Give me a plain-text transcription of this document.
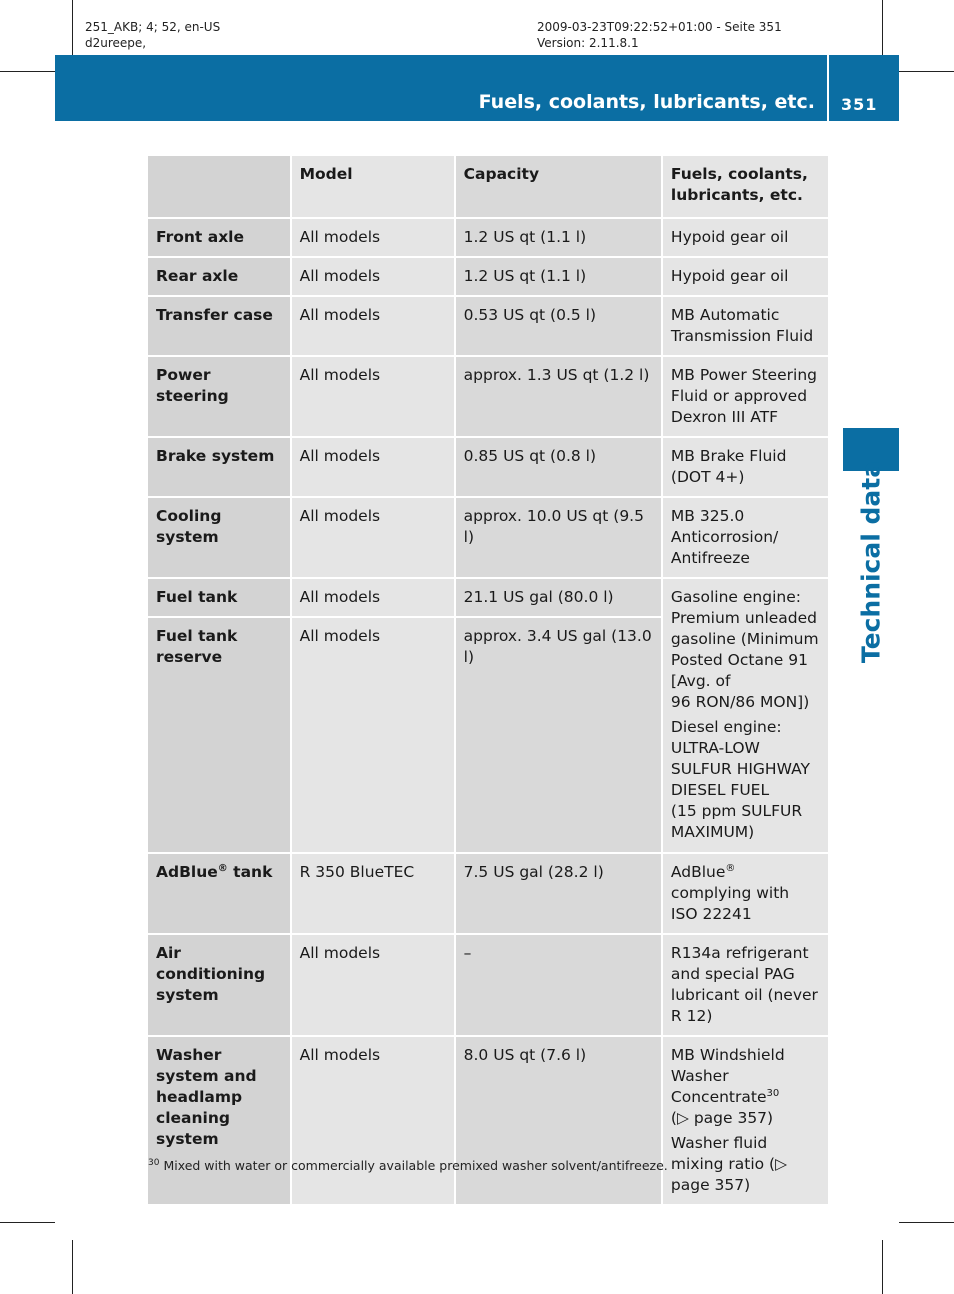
251_AKB; 4; 52, en-US
d2ureepe,
2009-03-23T09:22:52+01:00 - Seite 351
Version: 2.11.8.1
Fuels, coolants, lubricants, etc. 351
Technical data
	Model	Capacity	Fuels, coolants, lubricants, etc.
Front axle	All models	1.2 US qt (1.1 l)	Hypoid gear oil
Rear axle	All models	1.2 US qt (1.1 l)	Hypoid gear oil
Transfer case	All models	0.53 US qt (0.5 l)	MB Automatic Transmission Fluid
Power steering	All models	approx. 1.3 US qt (1.2 l)	MB Power Steering Fluid or approved Dexron III ATF
Brake system	All models	0.85 US qt (0.8 l)	MB Brake Fluid (DOT 4+)
Cooling system	All models	approx. 10.0 US qt (9.5 l)	MB 325.0 Anticorrosion/ Antifreeze
Fuel tank	All models	21.1 US gal (80.0 l)	Gasoline engine: Premium unleaded gasoline (Minimum Posted Octane 91 [Avg. of
96 RON/86 MON])
Diesel engine: ULTRA-LOW SULFUR HIGHWAY DIESEL FUEL
(15 ppm SULFUR MAXIMUM)

Fuel tank reserve	All models	approx. 3.4 US gal (13.0 l)	
AdBlue® tank	R 350 BlueTEC	7.5 US gal (28.2 l)	AdBlue® complying with ISO 22241
Air conditioning system	All models	–	R134a refrigerant and special PAG lubricant oil (never R 12)
Washer system and headlamp cleaning system	All models	8.0 US qt (7.6 l)	MB Windshield Washer Concentrate$^{30}$
(▷ page 357)
Washer fluid mixing ratio (▷ page 357)
$^{30}$ Mixed with water or commercially available premixed washer solvent/antifreeze.
